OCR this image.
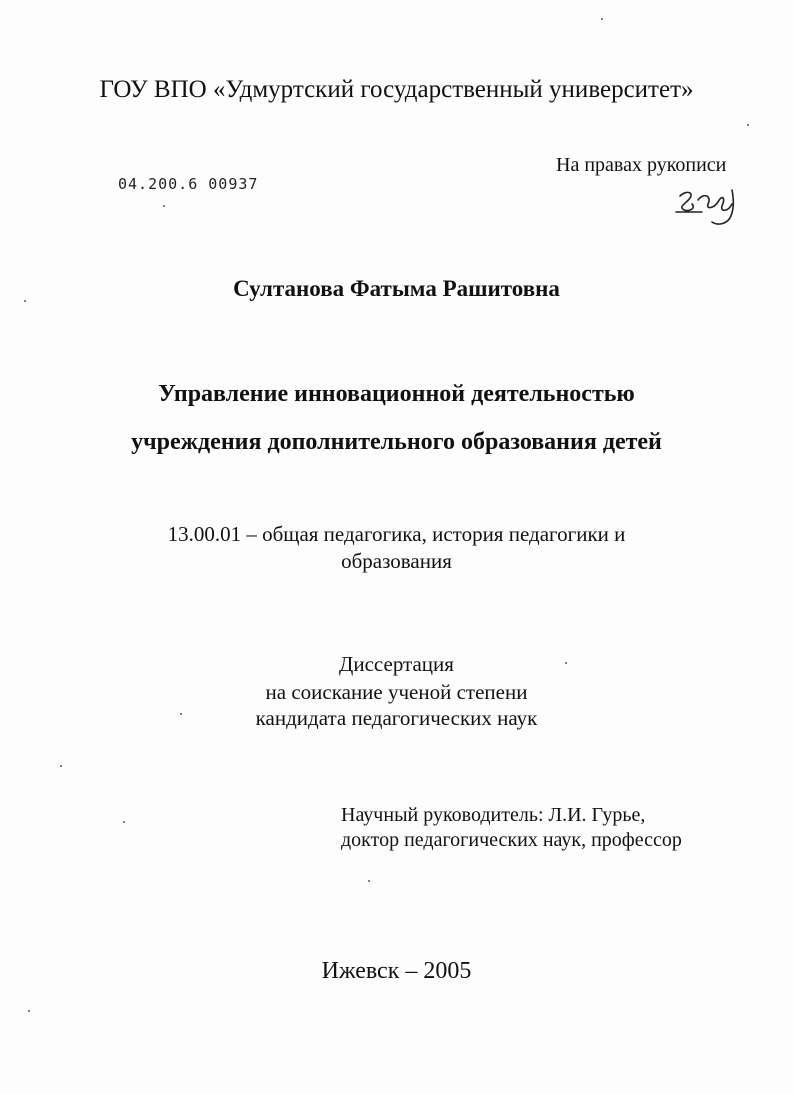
ГОУ ВПО «Удмуртский государственный университет»
04.200.6 00937
На правах рукописи
Султанова Фатыма Рашитовна
Управление инновационной деятельностью
учреждения дополнительного образования детей
13.00.01 – общая педагогика, история педагогики и
образования
Диссертация
на соискание ученой степени
кандидата педагогических наук
Научный руководитель: Л.И. Гурье,
доктор педагогических наук, профессор
Ижевск – 2005
